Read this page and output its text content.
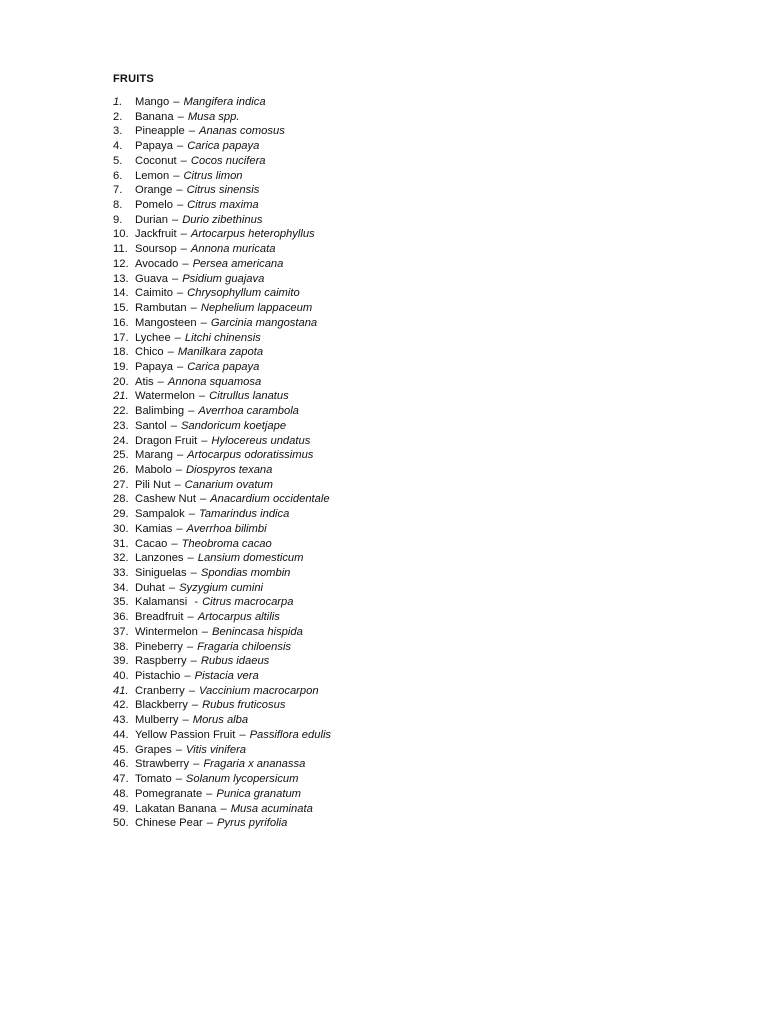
FRUITS
1.	Mango – Mangifera indica
2.	Banana – Musa spp.
3.	Pineapple – Ananas comosus
4.	Papaya – Carica papaya
5.	Coconut – Cocos nucifera
6.	Lemon – Citrus limon
7.	Orange – Citrus sinensis
8.	Pomelo – Citrus maxima
9.	Durian – Durio zibethinus
10. Jackfruit – Artocarpus heterophyllus
11. Soursop – Annona muricata
12. Avocado – Persea americana
13. Guava – Psidium guajava
14. Caimito – Chrysophyllum caimito
15. Rambutan – Nephelium lappaceum
16. Mangosteen – Garcinia mangostana
17. Lychee – Litchi chinensis
18. Chico – Manilkara zapota
19. Papaya – Carica papaya
20. Atis – Annona squamosa
21. Watermelon – Citrullus lanatus
22. Balimbing – Averrhoa carambola
23. Santol – Sandoricum koetjape
24. Dragon Fruit – Hylocereus undatus
25. Marang – Artocarpus odoratissimus
26. Mabolo – Diospyros texana
27. Pili Nut – Canarium ovatum
28. Cashew Nut – Anacardium occidentale
29. Sampalok – Tamarindus indica
30. Kamias – Averrhoa bilimbi
31. Cacao – Theobroma cacao
32. Lanzones – Lansium domesticum
33. Siniguelas – Spondias mombin
34. Duhat – Syzygium cumini
35. Kalamansi - Citrus macrocarpa
36. Breadfruit – Artocarpus altilis
37. Wintermelon – Benincasa hispida
38. Pineberry – Fragaria chiloensis
39. Raspberry – Rubus idaeus
40. Pistachio – Pistacia vera
41. Cranberry – Vaccinium macrocarpon
42. Blackberry – Rubus fruticosus
43. Mulberry – Morus alba
44. Yellow Passion Fruit – Passiflora edulis
45. Grapes – Vitis vinifera
46. Strawberry – Fragaria x ananassa
47. Tomato – Solanum lycopersicum
48. Pomegranate – Punica granatum
49. Lakatan Banana – Musa acuminata
50. Chinese Pear – Pyrus pyrifolia
